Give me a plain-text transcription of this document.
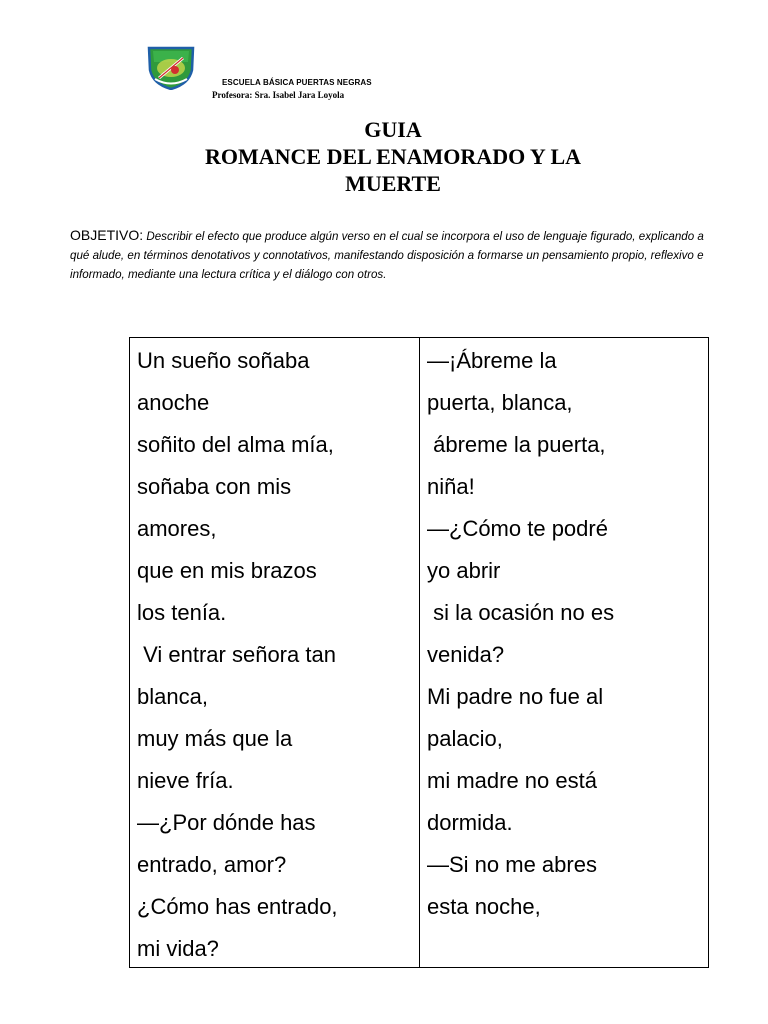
ESCUELA BÁSICA PUERTAS NEGRAS
Profesora: Sra. Isabel Jara Loyola
GUIA
ROMANCE DEL ENAMORADO Y LA
MUERTE
OBJETIVO: Describir el efecto que produce algún verso en el cual se incorpora el uso de lenguaje figurado, explicando a qué alude, en términos denotativos y connotativos, manifestando disposición a formarse un pensamiento propio, reflexivo e informado, mediante una lectura crítica y el diálogo con otros.
Un sueño soñaba
anoche
soñito del alma mía,
soñaba con mis
amores,
que en mis brazos
los tenía.
Vi entrar señora tan
blanca,
muy más que la
nieve fría.
—¿Por dónde has
entrado, amor?
¿Cómo has entrado,
mi vida?
—¡Ábreme la
puerta, blanca,
ábreme la puerta,
niña!
—¿Cómo te podré
yo abrir
si la ocasión no es
venida?
Mi padre no fue al
palacio,
mi madre no está
dormida.
—Si no me abres
esta noche,
